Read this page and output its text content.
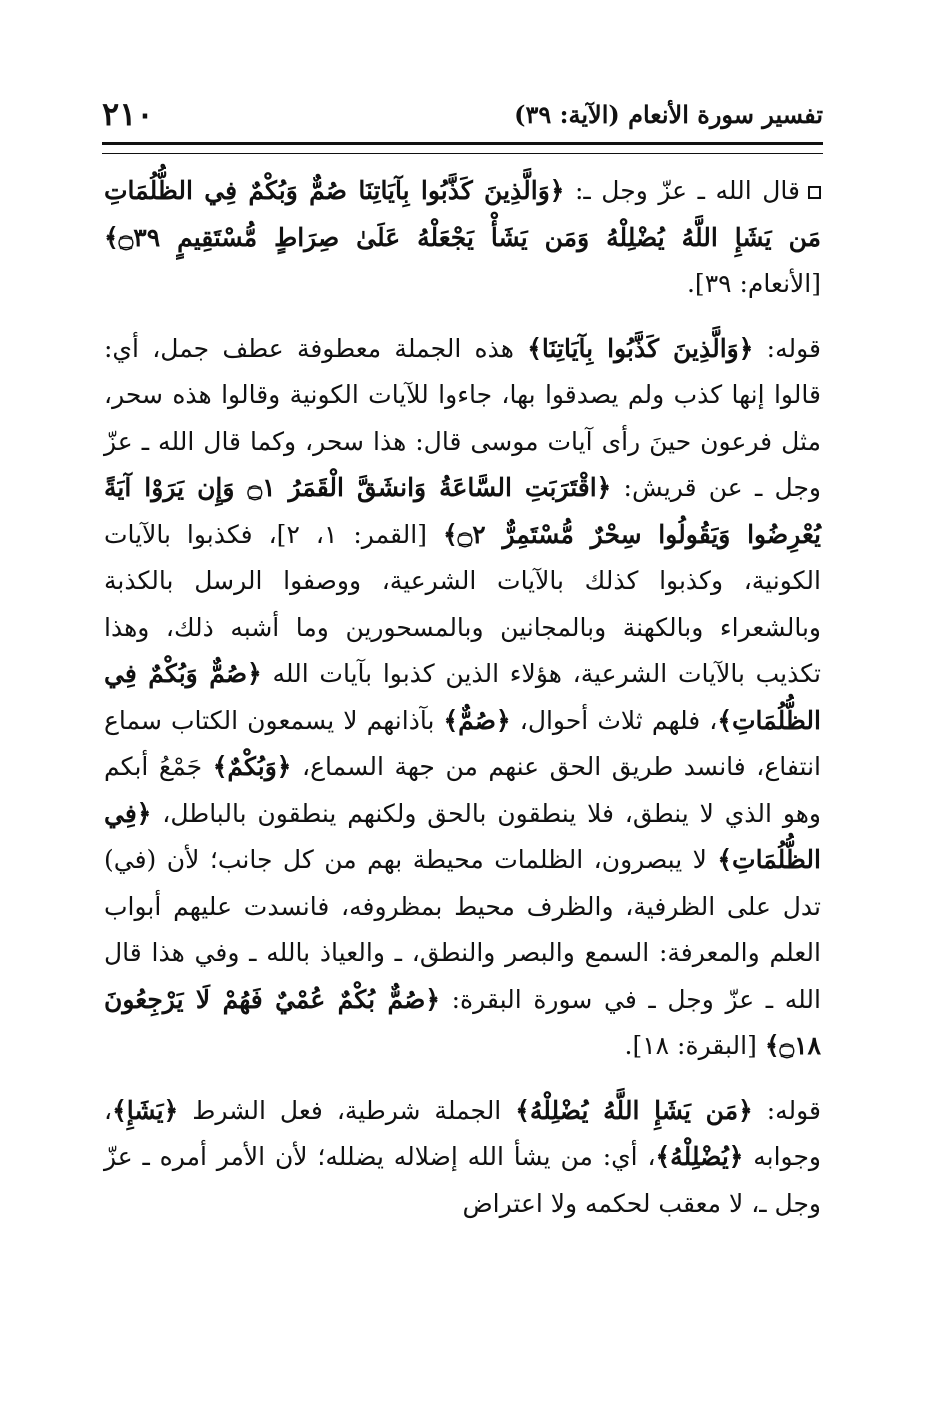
تفسير سورة الأنعام (الآية: ٣٩)
٢١٠

قال الله ـ عزّ وجل ـ: ﴿وَالَّذِينَ كَذَّبُوا بِآيَاتِنَا صُمٌّ وَبُكْمٌ فِي الظُّلُمَاتِ مَن يَشَإِ اللَّهُ يُضْلِلْهُ وَمَن يَشَأْ يَجْعَلْهُ عَلَىٰ صِرَاطٍ مُّسْتَقِيمٍ ۝٣٩﴾ [الأنعام: ٣٩].

قوله: ﴿وَالَّذِينَ كَذَّبُوا بِآيَاتِنَا﴾ هذه الجملة معطوفة عطف جمل، أي: قالوا إنها كذب ولم يصدقوا بها، جاءوا للآيات الكونية وقالوا هذه سحر، مثل فرعون حينَ رأى آيات موسى قال: هذا سحر، وكما قال الله ـ عزّ وجل ـ عن قريش: ﴿اقْتَرَبَتِ السَّاعَةُ وَانشَقَّ الْقَمَرُ ۝١ وَإِن يَرَوْا آيَةً يُعْرِضُوا وَيَقُولُوا سِحْرٌ مُّسْتَمِرٌّ ۝٢﴾ [القمر: ١، ٢]، فكذبوا بالآيات الكونية، وكذبوا كذلك بالآيات الشرعية، ووصفوا الرسل بالكذبة وبالشعراء وبالكهنة وبالمجانين وبالمسحورين وما أشبه ذلك، وهذا تكذيب بالآيات الشرعية، هؤلاء الذين كذبوا بآيات الله ﴿صُمٌّ وَبُكْمٌ فِي الظُّلُمَاتِ﴾، فلهم ثلاث أحوال، ﴿صُمٌّ﴾ بآذانهم لا يسمعون الكتاب سماع انتفاع، فانسد طريق الحق عنهم من جهة السماع، ﴿وَبُكْمٌ﴾ جَمْعُ أبكم وهو الذي لا ينطق، فلا ينطقون بالحق ولكنهم ينطقون بالباطل، ﴿فِي الظُّلُمَاتِ﴾ لا يبصرون، الظلمات محيطة بهم من كل جانب؛ لأن (في) تدل على الظرفية، والظرف محيط بمظروفه، فانسدت عليهم أبواب العلم والمعرفة: السمع والبصر والنطق، ـ والعياذ بالله ـ وفي هذا قال الله ـ عزّ وجل ـ في سورة البقرة: ﴿صُمٌّ بُكْمٌ عُمْيٌ فَهُمْ لَا يَرْجِعُونَ ۝١٨﴾ [البقرة: ١٨].

قوله: ﴿مَن يَشَإِ اللَّهُ يُضْلِلْهُ﴾ الجملة شرطية، فعل الشرط ﴿يَشَإِ﴾، وجوابه ﴿يُضْلِلْهُ﴾، أي: من يشأ الله إضلاله يضلله؛ لأن الأمر أمره ـ عزّ وجل ـ، لا معقب لحكمه ولا اعتراض
